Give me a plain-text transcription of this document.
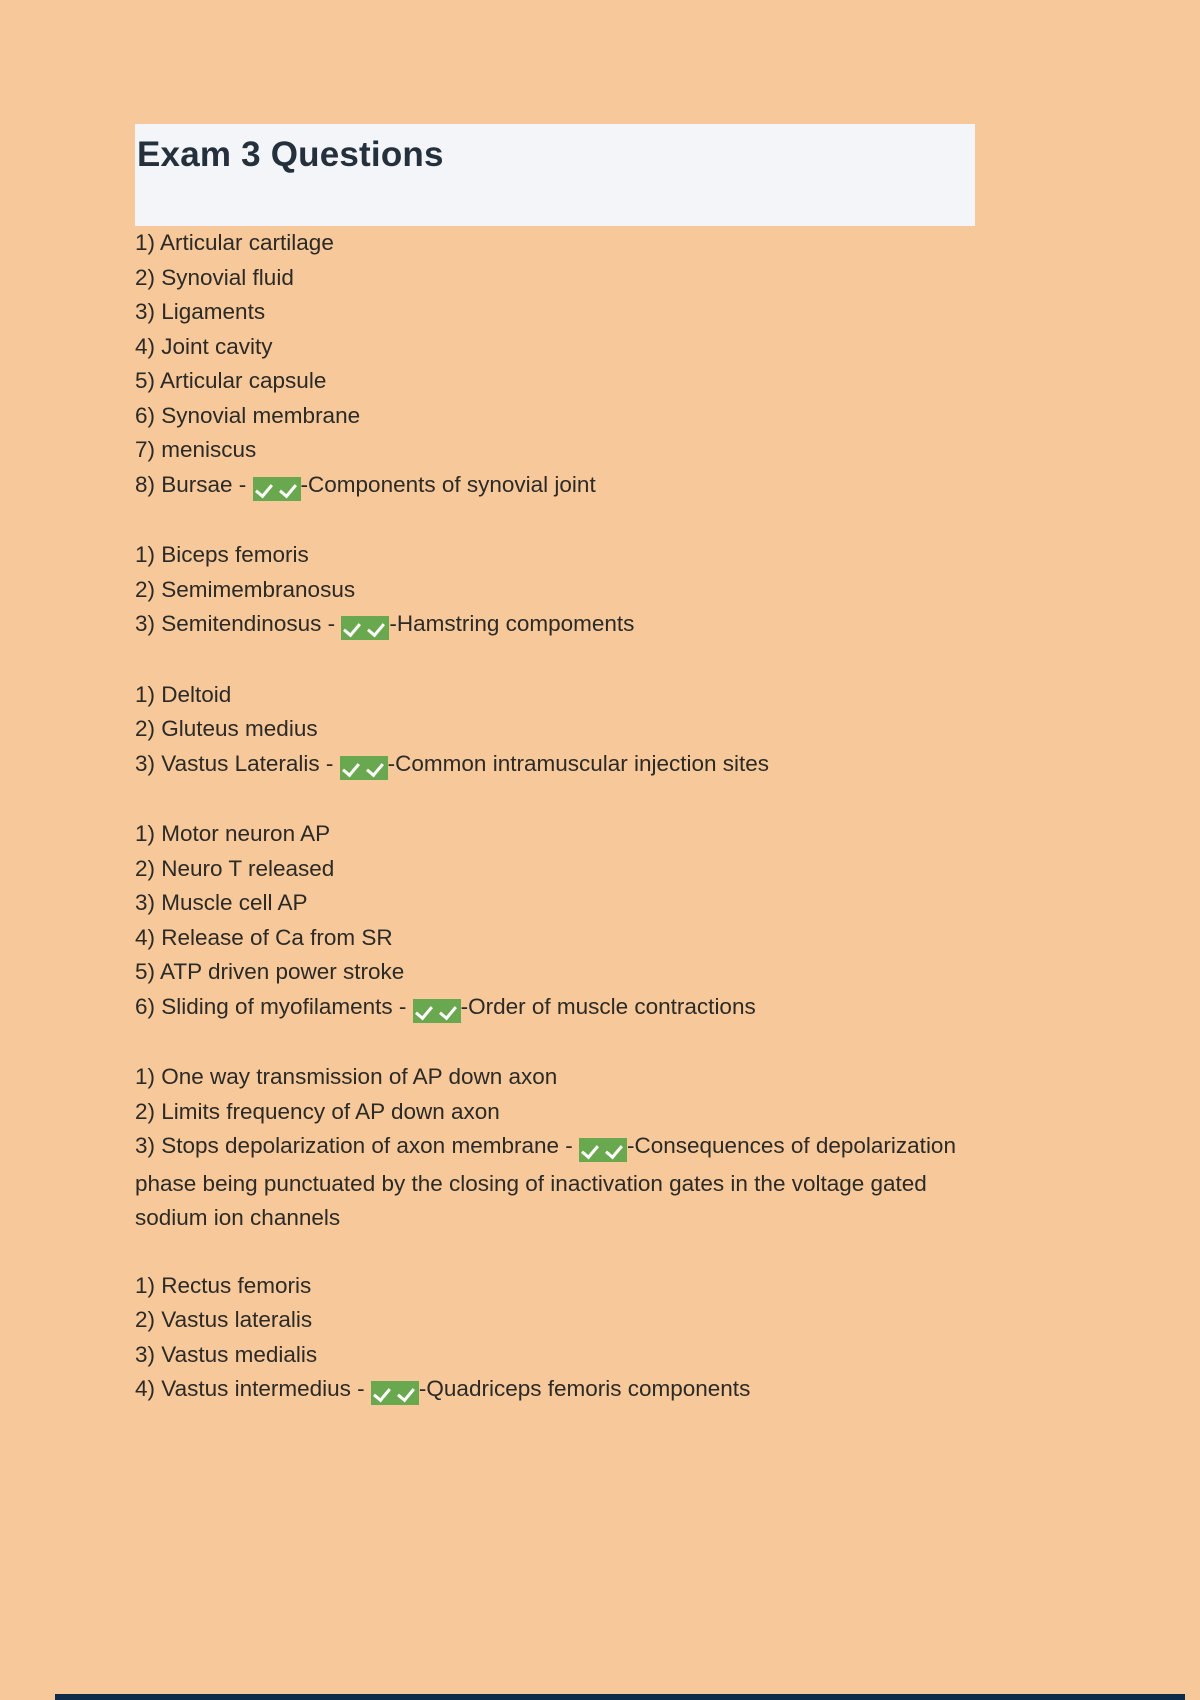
Exam 3 Questions
1) Articular cartilage
2) Synovial fluid
3) Ligaments
4) Joint cavity
5) Articular capsule
6) Synovial membrane
7) meniscus
8) Bursae - -Components of synovial joint
1) Biceps femoris
2) Semimembranosus
3) Semitendinosus - -Hamstring compoments
1) Deltoid
2) Gluteus medius
3) Vastus Lateralis - -Common intramuscular injection sites
1) Motor neuron AP
2) Neuro T released
3) Muscle cell AP
4) Release of Ca from SR
5) ATP driven power stroke
6) Sliding of myofilaments - -Order of muscle contractions
1) One way transmission of AP down axon
2) Limits frequency of AP down axon
3) Stops depolarization of axon membrane - -Consequences of depolarization phase being punctuated by the closing of inactivation gates in the voltage gated sodium ion channels
1) Rectus femoris
2) Vastus lateralis
3) Vastus medialis
4) Vastus intermedius - -Quadriceps femoris components
